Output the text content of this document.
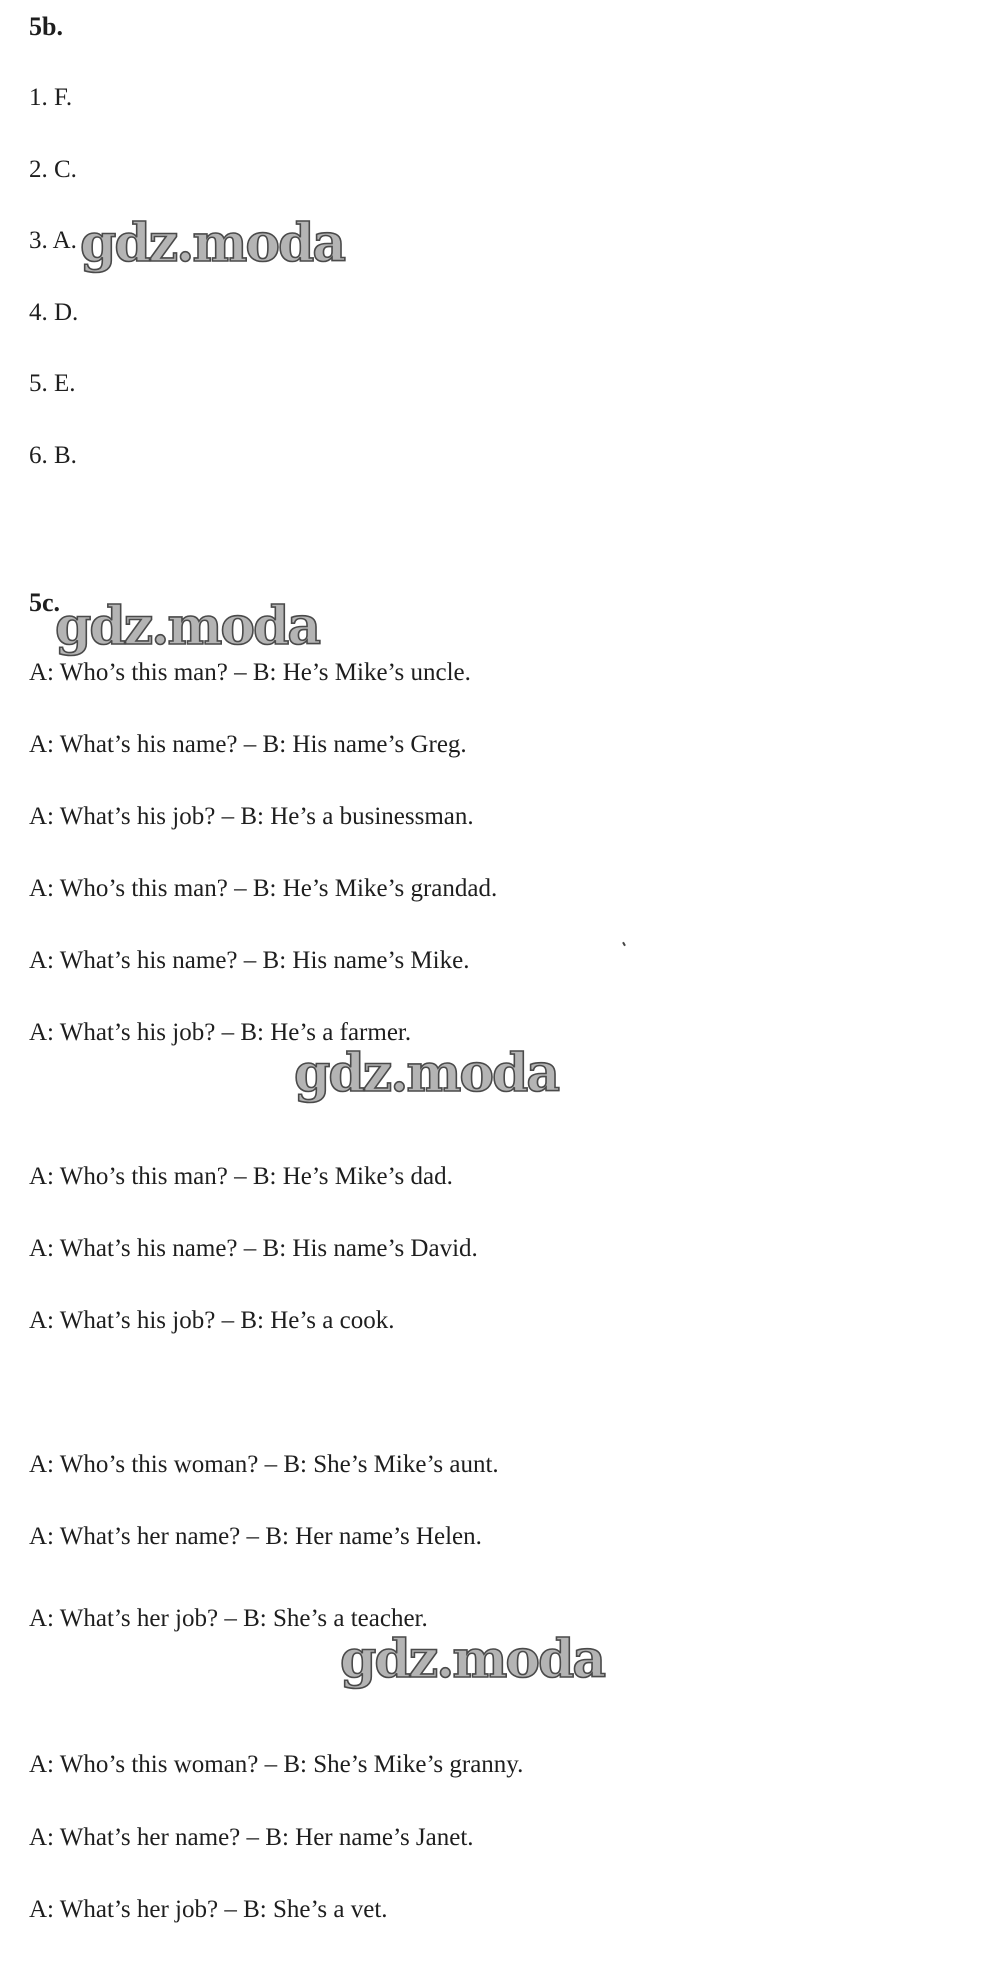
5b.
1. F.
2. C.
3. A.
4. D.
5. E.
6. B.
5c.
A: Who’s this man? – B: He’s Mike’s uncle.
A: What’s his name? – B: His name’s Greg.
A: What’s his job? – B: He’s a businessman.
A: Who’s this man? – B: He’s Mike’s grandad.
A: What’s his name? – B: His name’s Mike.
A: What’s his job? – B: He’s a farmer.
A: Who’s this man? – B: He’s Mike’s dad.
A: What’s his name? – B: His name’s David.
A: What’s his job? – B: He’s a cook.
A: Who’s this woman? – B: She’s Mike’s aunt.
A: What’s her name? – B: Her name’s Helen.
A: What’s her job? – B: She’s a teacher.
A: Who’s this woman? – B: She’s Mike’s granny.
A: What’s her name? – B: Her name’s Janet.
A: What’s her job? – B: She’s a vet.
gdz.moda
gdz.moda
gdz.moda
gdz.moda
